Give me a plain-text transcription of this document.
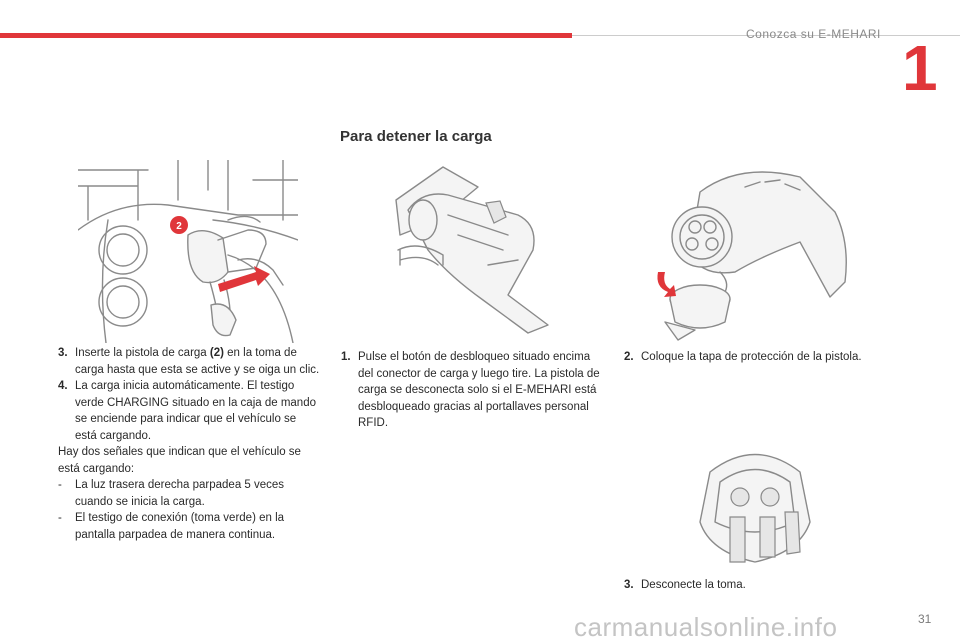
Conozca su E-MEHARI 1
Para detener la carga
2

3. Inserte la pistola de carga (2) en la toma de carga hasta que esta se active y se oiga un clic.

4. La carga inicia automáticamente. El testigo verde CHARGING situado en la caja de mando se enciende para indicar que el vehículo se está cargando.

Hay dos señales que indican que el vehículo se está cargando:

- La luz trasera derecha parpadea 5 veces cuando se inicia la carga.

- El testigo de conexión (toma verde) en la pantalla parpadea de manera continua.

1. Pulse el botón de desbloqueo situado encima del conector de carga y luego tire. La pistola de carga se desconecta solo si el E-MEHARI está desbloqueado gracias al portallaves personal RFID.

2. Coloque la tapa de protección de la pistola.

3. Desconecte la toma.

carmanualsonline.info	31
